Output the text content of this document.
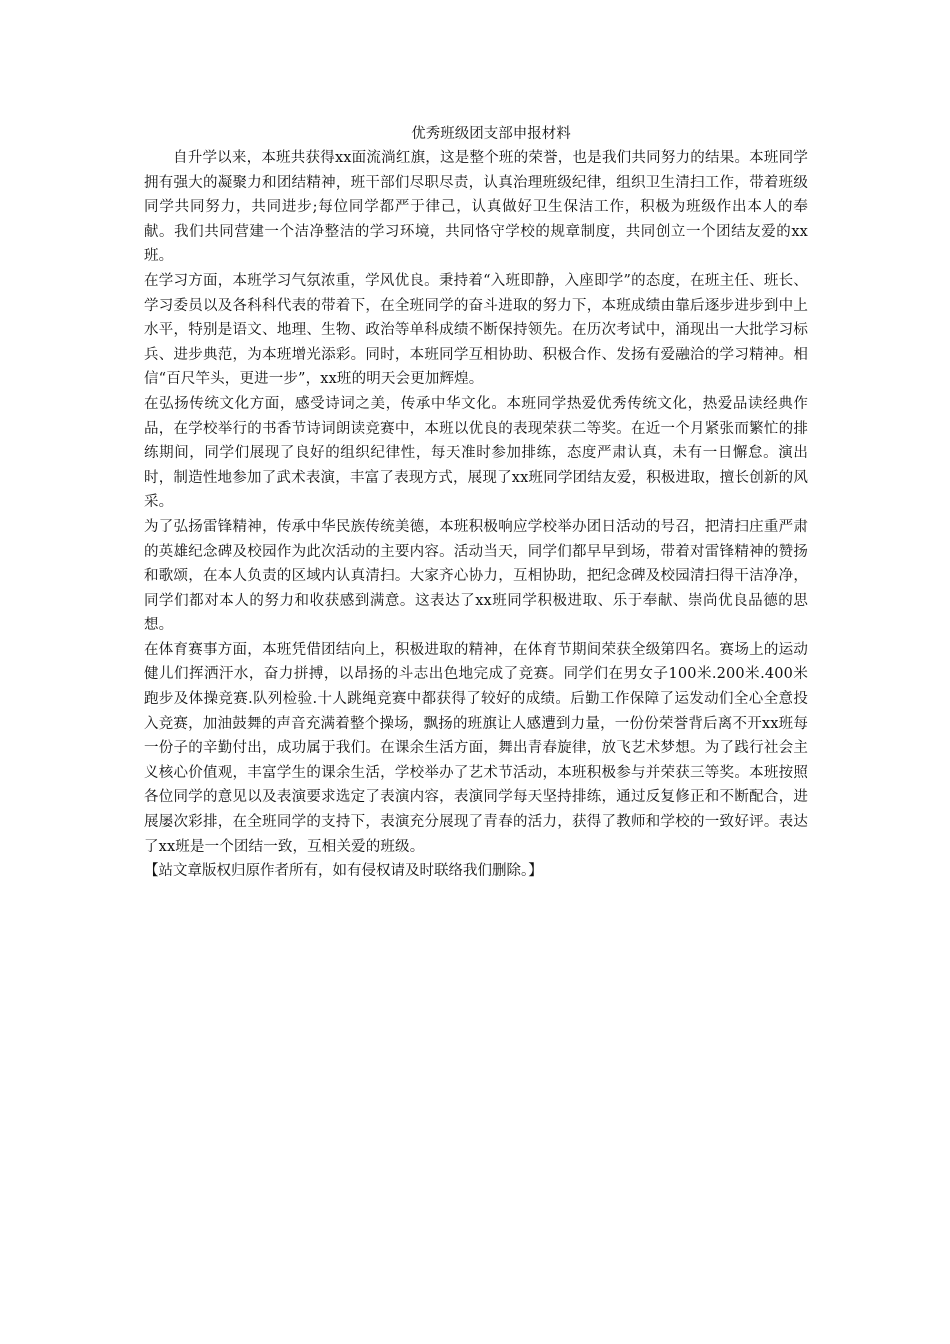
优秀班级团支部申报材料

自升学以来，本班共获得xx面流淌红旗，这是整个班的荣誉，也是我们共同努力的结果。本班同学拥有强大的凝聚力和团结精神，班干部们尽职尽责，认真治理班级纪律，组织卫生清扫工作，带着班级同学共同努力，共同进步;每位同学都严于律己，认真做好卫生保洁工作，积极为班级作出本人的奉献。我们共同营建一个洁净整洁的学习环境，共同恪守学校的规章制度，共同创立一个团结友爱的xx班。

在学习方面，本班学习气氛浓重，学风优良。秉持着“入班即静，入座即学”的态度，在班主任、班长、学习委员以及各科科代表的带着下，在全班同学的奋斗进取的努力下，本班成绩由靠后逐步进步到中上水平，特别是语文、地理、生物、政治等单科成绩不断保持领先。在历次考试中，涌现出一大批学习标兵、进步典范，为本班增光添彩。同时，本班同学互相协助、积极合作、发扬有爱融洽的学习精神。相信“百尺竿头，更进一步”，xx班的明天会更加辉煌。

在弘扬传统文化方面，感受诗词之美，传承中华文化。本班同学热爱优秀传统文化，热爱品读经典作品，在学校举行的书香节诗词朗读竞赛中，本班以优良的表现荣获二等奖。在近一个月紧张而繁忙的排练期间，同学们展现了良好的组织纪律性，每天准时参加排练，态度严肃认真，未有一日懈怠。演出时，制造性地参加了武术表演，丰富了表现方式，展现了xx班同学团结友爱，积极进取，擅长创新的风采。

为了弘扬雷锋精神，传承中华民族传统美德，本班积极响应学校举办团日活动的号召，把清扫庄重严肃的英雄纪念碑及校园作为此次活动的主要内容。活动当天，同学们都早早到场，带着对雷锋精神的赞扬和歌颂，在本人负责的区域内认真清扫。大家齐心协力，互相协助，把纪念碑及校园清扫得干洁净净，同学们都对本人的努力和收获感到满意。这表达了xx班同学积极进取、乐于奉献、崇尚优良品德的思想。

在体育赛事方面，本班凭借团结向上，积极进取的精神，在体育节期间荣获全级第四名。赛场上的运动健儿们挥洒汗水，奋力拼搏，以昂扬的斗志出色地完成了竞赛。同学们在男女子100米.200米.400米跑步及体操竞赛.队列检验.十人跳绳竞赛中都获得了较好的成绩。后勤工作保障了运发动们全心全意投入竞赛，加油鼓舞的声音充满着整个操场，飘扬的班旗让人感遭到力量，一份份荣誉背后离不开xx班每一份子的辛勤付出，成功属于我们。在课余生活方面，舞出青春旋律，放飞艺术梦想。为了践行社会主义核心价值观，丰富学生的课余生活，学校举办了艺术节活动，本班积极参与并荣获三等奖。本班按照各位同学的意见以及表演要求选定了表演内容，表演同学每天坚持排练，通过反复修正和不断配合，进展屡次彩排，在全班同学的支持下，表演充分展现了青春的活力，获得了教师和学校的一致好评。表达了xx班是一个团结一致，互相关爱的班级。

【站文章版权归原作者所有，如有侵权请及时联络我们删除。】
